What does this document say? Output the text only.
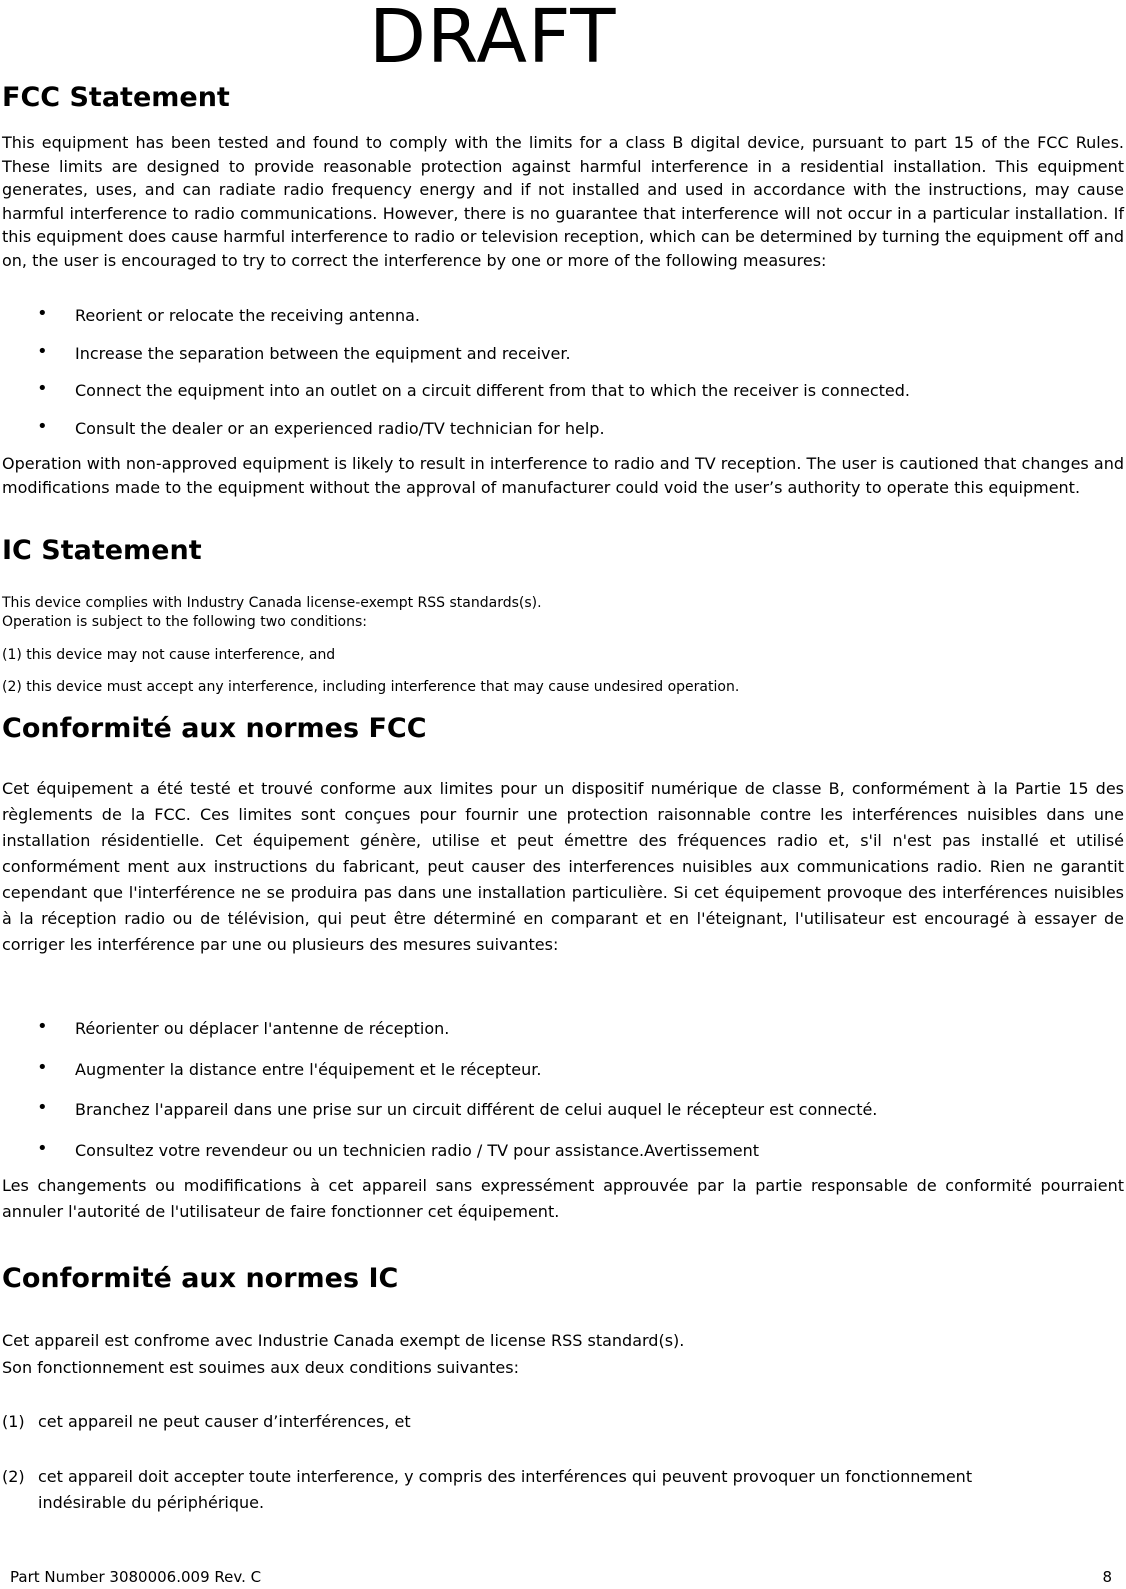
DRAFT
FCC Statement

This equipment has been tested and found to comply with the limits for a class B digital device, pursuant to part 15 of the FCC Rules. These limits are designed to provide reasonable protection against harmful interference in a residential installation. This equipment generates, uses, and can radiate radio frequency energy and if not installed and used in accordance with the instructions, may cause harmful interference to radio communications. However, there is no guarantee that interference will not occur in a particular installation. If this equipment does cause harmful interference to radio or television reception, which can be determined by turning the equipment off and on, the user is encouraged to try to correct the interference by one or more of the following measures:

• Reorient or relocate the receiving antenna.
• Increase the separation between the equipment and receiver.
• Connect the equipment into an outlet on a circuit different from that to which the receiver is connected.
• Consult the dealer or an experienced radio/TV technician for help.

Operation with non-approved equipment is likely to result in interference to radio and TV reception. The user is cautioned that changes and modifications made to the equipment without the approval of manufacturer could void the user’s authority to operate this equipment.

IC Statement

This device complies with Industry Canada license-exempt RSS standards(s).

Operation is subject to the following two conditions:

(1) this device may not cause interference, and

(2) this device must accept any interference, including interference that may cause undesired operation.

Conformité aux normes FCC

Cet équipement a été testé et trouvé conforme aux limites pour un dispositif numérique de classe B, conformément à la Partie 15 des règlements de la FCC. Ces limites sont conçues pour fournir une protection raisonnable contre les interférences nuisibles dans une installation résidentielle. Cet équipement génère, utilise et peut émettre des fréquences radio et, s'il n'est pas installé et utilisé conformément ment aux instructions du fabricant, peut causer des interferences nuisibles aux communications radio. Rien ne garantit cependant que l'interférence ne se produira pas dans une installation particulière. Si cet équipement provoque des interférences nuisibles à la réception radio ou de télévision, qui peut être déterminé en comparant et en l'éteignant, l'utilisateur est encouragé à essayer de corriger les interférence par une ou plusieurs des mesures suivantes:

• Réorienter ou déplacer l'antenne de réception.
• Augmenter la distance entre l'équipement et le récepteur.
• Branchez l'appareil dans une prise sur un circuit différent de celui auquel le récepteur est connecté.
• Consultez votre revendeur ou un technicien radio / TV pour assistance.Avertissement

Les changements ou modififications à cet appareil sans expressément approuvée par la partie responsable de conformité pourraient annuler l'autorité de l'utilisateur de faire fonctionner cet équipement.

Conformité aux normes IC

Cet appareil est confrome avec Industrie Canada exempt de license RSS standard(s).

Son fonctionnement est souimes aux deux conditions suivantes:

(1) cet appareil ne peut causer d’interférences, et
(2) cet appareil doit accepter toute interference, y compris des interférences qui peuvent provoquer un fonctionnement indésirable du périphérique.

Part Number 3080006.009 Rev. C	8
